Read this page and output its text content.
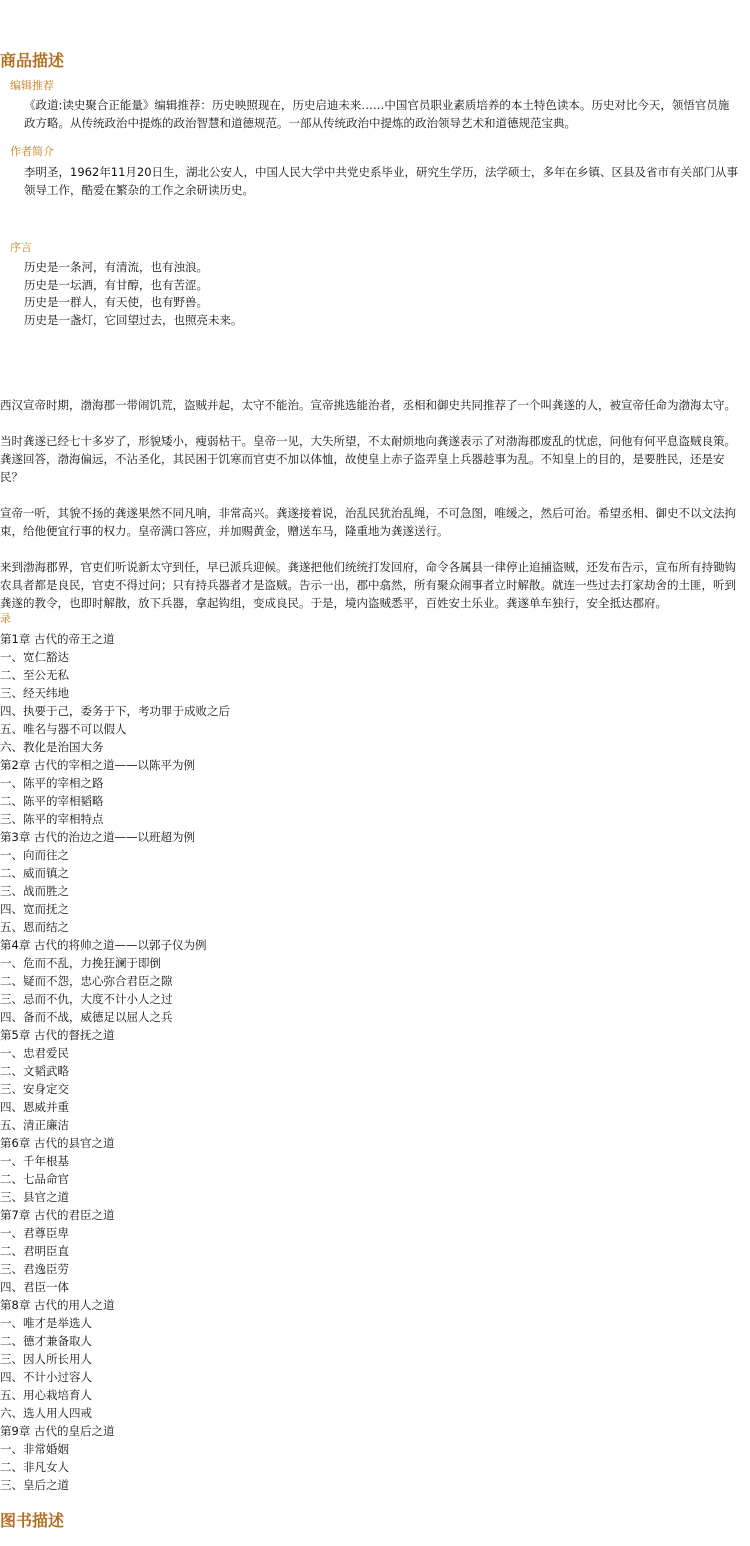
商品描述
编辑推荐
《政道:读史聚合正能量》编辑推荐：历史映照现在，历史启迪未来……中国官员职业素质培养的本土特色读本。历史对比今天，领悟官员施政方略。从传统政治中提炼的政治智慧和道德规范。一部从传统政治中提炼的政治领导艺术和道德规范宝典。
作者简介
李明圣，1962年11月20日生，湖北公安人，中国人民大学中共党史系毕业，研究生学历，法学硕士，多年在乡镇、区县及省市有关部门从事领导工作，酷爱在繁杂的工作之余研读历史。
序言
历史是一条河，有清流，也有浊浪。
历史是一坛酒，有甘醇，也有苦涩。
历史是一群人，有天使，也有野兽。
历史是一盏灯，它回望过去，也照亮未来。

西汉宣帝时期，渤海郡一带闹饥荒，盗贼并起，太守不能治。宣帝挑选能治者，丞相和御史共同推荐了一个叫龚遂的人，被宣帝任命为渤海太守。

当时龚遂已经七十多岁了，形貌矮小，瘦弱枯干。皇帝一见，大失所望，不太耐烦地向龚遂表示了对渤海郡废乱的忧虑，问他有何平息盗贼良策。龚遂回答，渤海偏远，不沾圣化，其民困于饥寒而官吏不加以体恤，故使皇上赤子盗弄皇上兵器趁事为乱。不知皇上的目的，是要胜民，还是安民？

宣帝一听，其貌不扬的龚遂果然不同凡响，非常高兴。龚遂接着说，治乱民犹治乱绳，不可急图，唯缓之，然后可治。希望丞相、御史不以文法拘束，给他便宜行事的权力。皇帝满口答应，并加赐黄金，赠送车马，隆重地为龚遂送行。

来到渤海郡界，官吏们听说新太守到任，早已派兵迎候。龚遂把他们统统打发回府，命令各属县一律停止追捕盗贼，还发布告示，宣布所有持锄钩农具者都是良民，官吏不得过问；只有持兵器者才是盗贼。告示一出，郡中翕然，所有聚众闹事者立时解散。就连一些过去打家劫舍的土匪，听到龚遂的教令，也即时解散，放下兵器，拿起钩组，变成良民。于是，境内盗贼悉平，百姓安土乐业。龚遂单车独行，安全抵达郡府。

录
第1章 古代的帝王之道
一、宽仁豁达
二、至公无私
三、经天纬地
四、执要于己，委务于下，考功罪于成败之后
五、唯名与器不可以假人
六、教化是治国大务
第2章 古代的宰相之道——以陈平为例
一、陈平的宰相之路
二、陈平的宰相韬略
三、陈平的宰相特点
第3章 古代的治边之道——以班超为例
一、向而往之
二、威而镇之
三、战而胜之
四、宽而抚之
五、恩而结之
第4章 古代的将帅之道——以郭子仪为例
一、危而不乱，力挽狂澜于即倒
二、疑而不怨，忠心弥合君臣之隙
三、忌而不仇，大度不计小人之过
四、备而不战，威德足以屈人之兵
第5章 古代的督抚之道
一、忠君爱民
二、文韬武略
三、安身定交
四、恩威并重
五、清正廉洁
第6章 古代的县官之道
一、千年根基
二、七品命官
三、县官之道
第7章 古代的君臣之道
一、君尊臣卑
二、君明臣直
三、君逸臣劳
四、君臣一体
第8章 古代的用人之道
一、唯才是举选人
二、德才兼备取人
三、因人所长用人
四、不计小过容人
五、用心栽培育人
六、选人用人四戒
第9章 古代的皇后之道
一、非常婚姻
二、非凡女人
三、皇后之道
图书描述
